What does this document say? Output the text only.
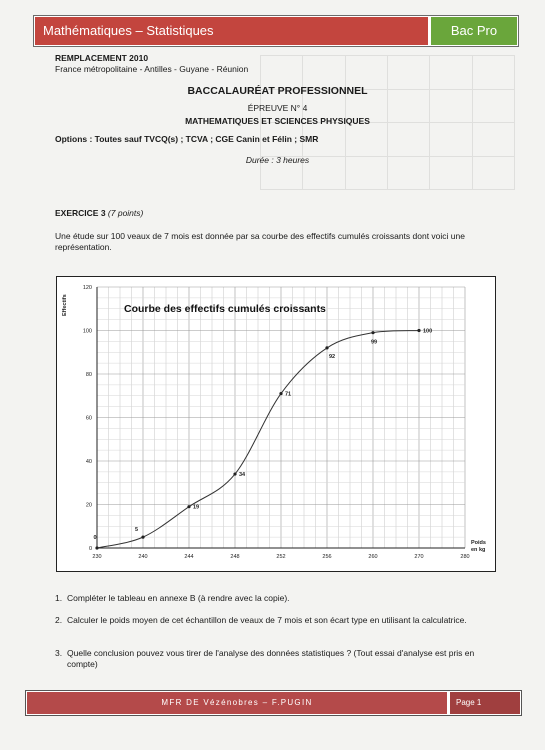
Mathématiques – Statistiques	Bac Pro

REMPLACEMENT 2010
France métropolitaine - Antilles - Guyane - Réunion
BACCALAURÉAT PROFESSIONNEL
ÉPREUVE N° 4
MATHEMATIQUES ET SCIENCES PHYSIQUES
Options : Toutes sauf TVCQ(s) ; TCVA ; CGE Canin et Félin ; SMR
Durée : 3 heures
EXERCICE 3 (7 points)
Une étude sur 100 veaux de 7 mois est donnée par sa courbe des effectifs cumulés croissants dont voici une représentation.
0
20
40
60
80
100
120
230	240	244	248	252	256	260	270	280
Effectifs
Poids
en kg
Courbe des effectifs cumulés croissants
0
5
19
34
71
92
99
100
1. Compléter le tableau en annexe B (à rendre avec la copie).
2. Calculer le poids moyen de cet échantillon de veaux de 7 mois et son écart type en utilisant la calculatrice.
3. Quelle conclusion pouvez vous tirer de l'analyse des données statistiques ? (Tout essai d'analyse est pris en compte)
MFR DE Vézénobres – F.PUGIN	Page 1
